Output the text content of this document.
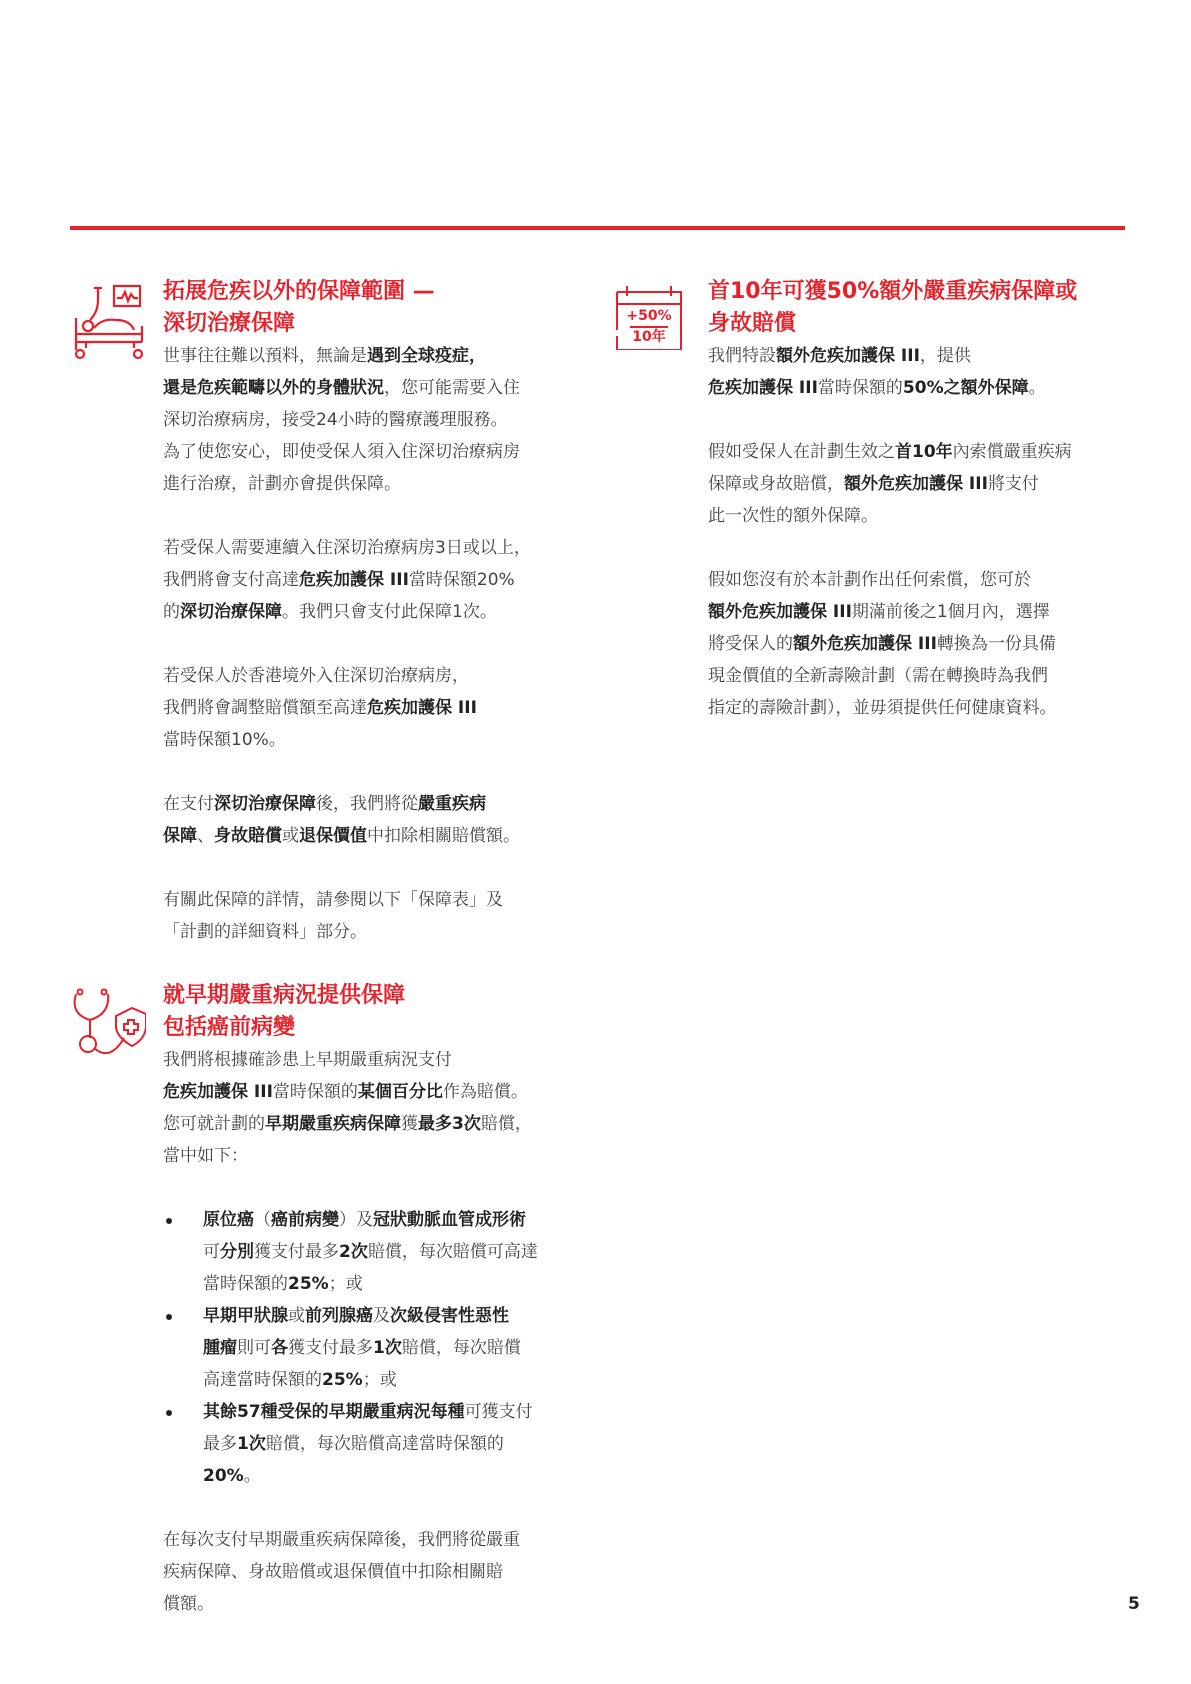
+50%
10年
拓展危疾以外的保障範圍 —
深切治療保障
世事往往難以預料，無論是遇到全球疫症，
還是危疾範疇以外的身體狀況，您可能需要入住
深切治療病房，接受24小時的醫療護理服務。
為了使您安心，即使受保人須入住深切治療病房
進行治療，計劃亦會提供保障。
若受保人需要連續入住深切治療病房3日或以上，
我們將會支付高達危疾加護保 III當時保額20%
的深切治療保障。我們只會支付此保障1次。
若受保人於香港境外入住深切治療病房，
我們將會調整賠償額至高達危疾加護保 III
當時保額10%。
在支付深切治療保障後，我們將從嚴重疾病
保障、身故賠償或退保價值中扣除相關賠償額。
有關此保障的詳情，請參閱以下「保障表」及
「計劃的詳細資料」部分。
就早期嚴重病況提供保障
包括癌前病變
我們將根據確診患上早期嚴重病況支付
危疾加護保 III當時保額的某個百分比作為賠償。
您可就計劃的早期嚴重疾病保障獲最多3次賠償，
當中如下：
原位癌（癌前病變）及冠狀動脈血管成形術
可分別獲支付最多2次賠償，每次賠償可高達
當時保額的25%；或
早期甲狀腺或前列腺癌及次級侵害性惡性
腫瘤則可各獲支付最多1次賠償，每次賠償
高達當時保額的25%；或
其餘57種受保的早期嚴重病況每種可獲支付
最多1次賠償，每次賠償高達當時保額的
20%。
在每次支付早期嚴重疾病保障後，我們將從嚴重
疾病保障、身故賠償或退保價值中扣除相關賠
償額。
首10年可獲50%額外嚴重疾病保障或
身故賠償
我們特設額外危疾加護保 III，提供
危疾加護保 III當時保額的50%之額外保障。
假如受保人在計劃生效之首10年內索償嚴重疾病
保障或身故賠償，額外危疾加護保 III將支付
此一次性的額外保障。
假如您沒有於本計劃作出任何索償，您可於
額外危疾加護保 III期滿前後之1個月內，選擇
將受保人的額外危疾加護保 III轉換為一份具備
現金價值的全新壽險計劃（需在轉換時為我們
指定的壽險計劃），並毋須提供任何健康資料。
5
